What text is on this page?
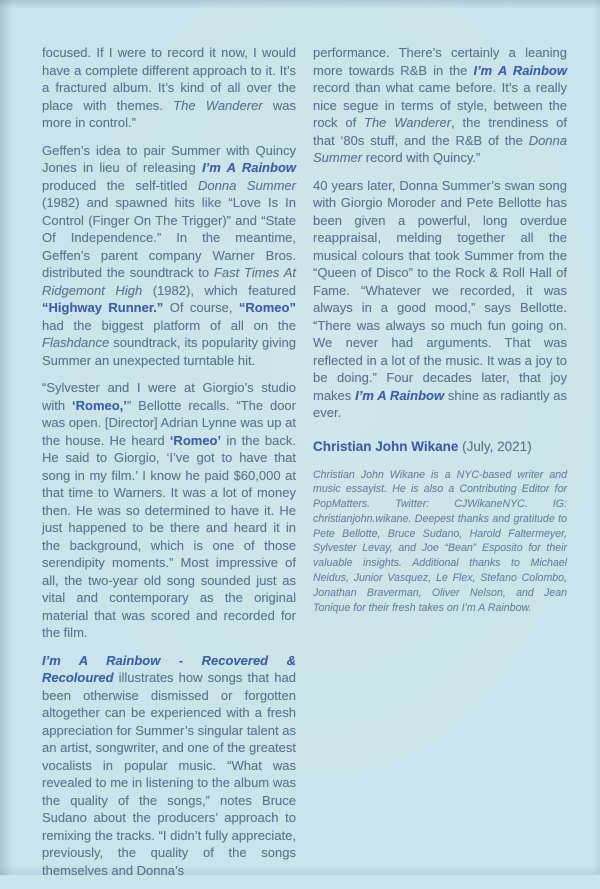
focused. If I were to record it now, I would have a complete different approach to it. It’s a fractured album. It’s kind of all over the place with themes. The Wanderer was more in control.”

Geffen’s idea to pair Summer with Quincy Jones in lieu of releasing I’m A Rainbow produced the self-titled Donna Summer (1982) and spawned hits like “Love Is In Control (Finger On The Trigger)” and “State Of Independence.” In the meantime, Geffen’s parent company Warner Bros. distributed the soundtrack to Fast Times At Ridgemont High (1982), which featured “Highway Runner.” Of course, “Romeo” had the biggest platform of all on the Flashdance soundtrack, its popularity giving Summer an unexpected turntable hit.

“Sylvester and I were at Giorgio’s studio with ‘Romeo,’” Bellotte recalls. “The door was open. [Director] Adrian Lynne was up at the house. He heard ‘Romeo’ in the back. He said to Giorgio, ‘I’ve got to have that song in my film.’ I know he paid $60,000 at that time to Warners. It was a lot of money then. He was so determined to have it. He just happened to be there and heard it in the background, which is one of those serendipity moments.” Most impressive of all, the two-year old song sounded just as vital and contemporary as the original material that was scored and recorded for the film.

I’m A Rainbow - Recovered & Recoloured illustrates how songs that had been otherwise dismissed or forgotten altogether can be experienced with a fresh appreciation for Summer’s singular talent as an artist, songwriter, and one of the greatest vocalists in popular music. “What was revealed to me in listening to the album was the quality of the songs,” notes Bruce Sudano about the producers’ approach to remixing the tracks. “I didn’t fully appreciate, previously, the quality of the songs themselves and Donna’s

performance. There’s certainly a leaning more towards R&B in the I’m A Rainbow record than what came before. It’s a really nice segue in terms of style, between the rock of The Wanderer, the trendiness of that ‘80s stuff, and the R&B of the Donna Summer record with Quincy.”

40 years later, Donna Summer’s swan song with Giorgio Moroder and Pete Bellotte has been given a powerful, long overdue reappraisal, melding together all the musical colours that took Summer from the “Queen of Disco” to the Rock & Roll Hall of Fame. “Whatever we recorded, it was always in a good mood,” says Bellotte. “There was always so much fun going on. We never had arguments. That was reflected in a lot of the music. It was a joy to be doing.” Four decades later, that joy makes I’m A Rainbow shine as radiantly as ever.

Christian John Wikane (July, 2021)

Christian John Wikane is a NYC-based writer and music essayist. He is also a Contributing Editor for PopMatters. Twitter: CJWikaneNYC. IG: christianjohn.wikane. Deepest thanks and gratitude to Pete Bellotte, Bruce Sudano, Harold Faltermeyer, Sylvester Levay, and Joe “Bean” Esposito for their valuable insights. Additional thanks to Michael Neidus, Junior Vasquez, Le Flex, Stefano Colombo, Jonathan Braverman, Oliver Nelson, and Jean Tonique for their fresh takes on I’m A Rainbow.
